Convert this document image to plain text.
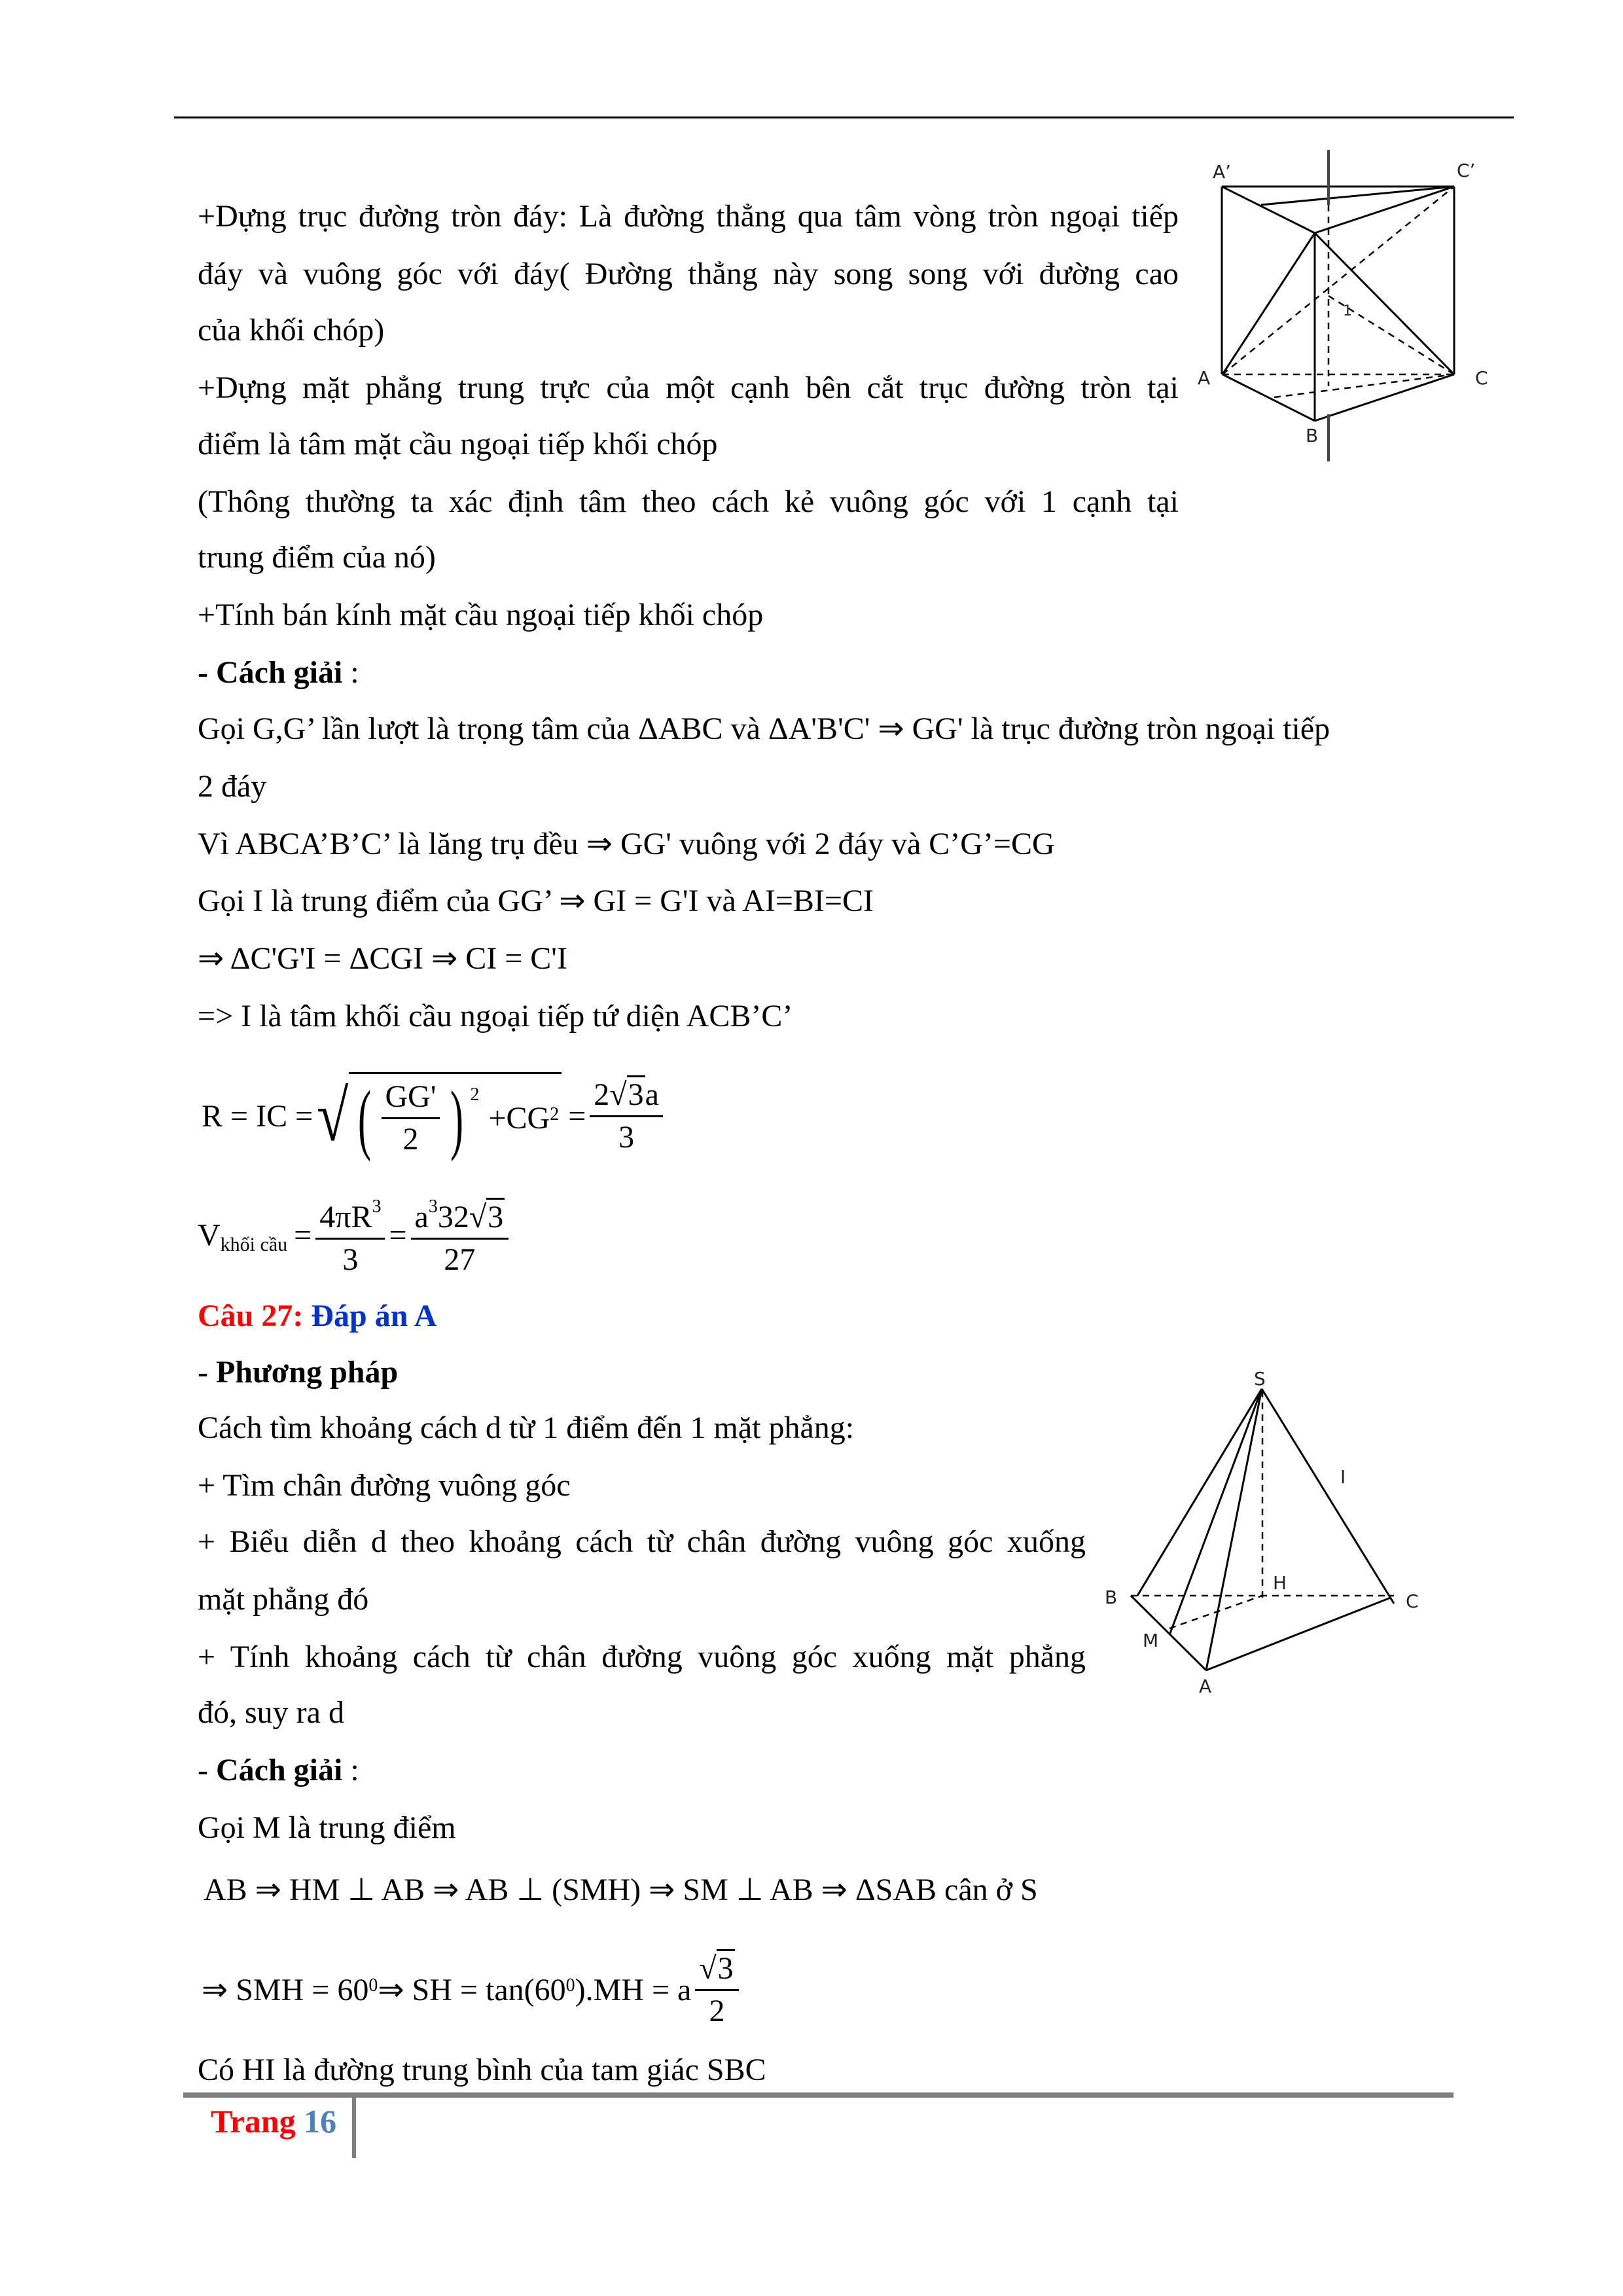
+Dựng trục đường tròn đáy: Là đường thẳng qua tâm vòng tròn ngoại tiếp
đáy và vuông góc với đáy( Đường thẳng này song song với đường cao
của khối chóp)
+Dựng mặt phẳng trung trực của một cạnh bên cắt trục đường tròn tại
điểm là tâm mặt cầu ngoại tiếp khối chóp
(Thông thường ta xác định tâm theo cách kẻ vuông góc với 1 cạnh tại
trung điểm của nó)
+Tính bán kính mặt cầu ngoại tiếp khối chóp
- Cách giải :
Gọi G,G’ lần lượt là trọng tâm của ΔABC và ΔA'B'C' ⇒ GG' là trục đường tròn ngoại tiếp
2 đáy
Vì ABCA’B’C’ là lăng trụ đều ⇒ GG' vuông với 2 đáy và C’G’=CG
Gọi I là trung điểm của GG’ ⇒ GI = G'I và AI=BI=CI
⇒ ΔC'G'I = ΔCGI ⇒ CI = C'I
=> I là tâm khối cầu ngoại tiếp tứ diện ACB’C’
R = IC = √ ( $\frac{GG'}{2}$ ) 2
+CG $2 = \frac{2√3a}{3}$
V khối cầu = $\frac{4\pi R^3}{3} = \frac{a^332√3}{27}$
Câu 27: Đáp án A
- Phương pháp
Cách tìm khoảng cách d từ 1 điểm đến 1 mặt phẳng:
+ Tìm chân đường vuông góc
+ Biểu diễn d theo khoảng cách từ chân đường vuông góc xuống
mặt phẳng đó
+ Tính khoảng cách từ chân đường vuông góc xuống mặt phẳng
đó, suy ra d
- Cách giải :
Gọi M là trung điểm
AB ⇒ HM ⊥ AB ⇒ AB ⊥ (SMH) ⇒ SM ⊥ AB ⇒ ΔSAB cân ở S
⇒ SMH = 60 0 ⇒ SH = tan(60 0 ).MH = a $\frac{√3}{2}$
Có HI là đường trung bình của tam giác SBC
A’	C’
A	C
B
1
S
B	C
A
M
H
I
Trang 16
